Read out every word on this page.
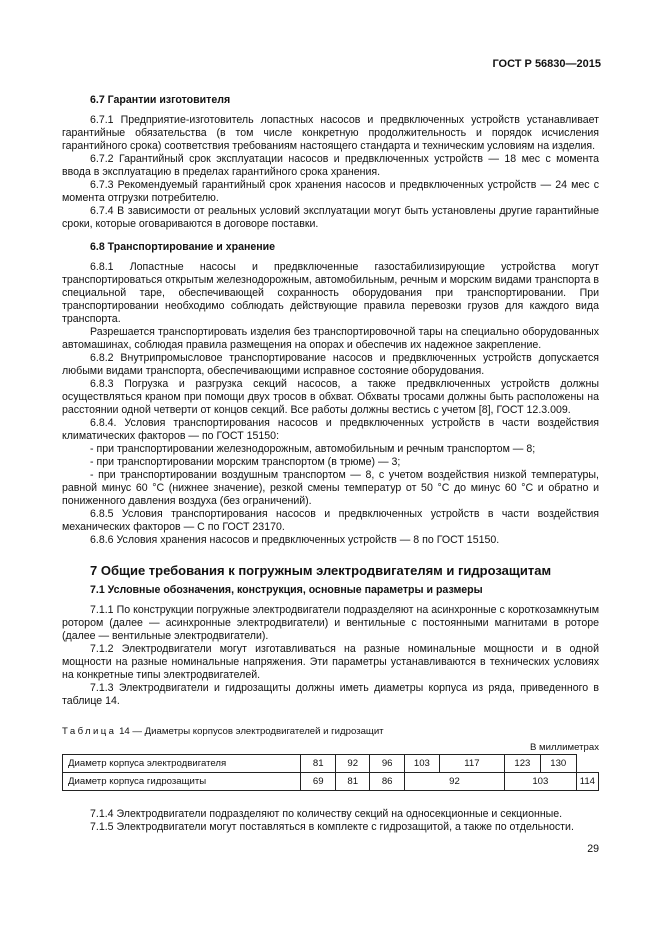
ГОСТ Р 56830—2015

6.7 Гарантии изготовителя

6.7.1 Предприятие-изготовитель лопастных насосов и предвключенных устройств устанавливает гарантийные обязательства (в том числе конкретную продолжительность и порядок исчисления гарантийного срока) соответствия требованиям настоящего стандарта и техническим условиям на изделия.

6.7.2 Гарантийный срок эксплуатации насосов и предвключенных устройств — 18 мес с момента ввода в эксплуатацию в пределах гарантийного срока хранения.

6.7.3 Рекомендуемый гарантийный срок хранения насосов и предвключенных устройств — 24 мес с момента отгрузки потребителю.

6.7.4 В зависимости от реальных условий эксплуатации могут быть установлены другие гарантийные сроки, которые оговариваются в договоре поставки.

6.8 Транспортирование и хранение

6.8.1 Лопастные насосы и предвключенные газостабилизирующие устройства могут транспортироваться открытым железнодорожным, автомобильным, речным и морским видами транспорта в специальной таре, обеспечивающей сохранность оборудования при транспортировании. При транспортировании необходимо соблюдать действующие правила перевозки грузов для каждого вида транспорта.

Разрешается транспортировать изделия без транспортировочной тары на специально оборудованных автомашинах, соблюдая правила размещения на опорах и обеспечив их надежное закрепление.

6.8.2 Внутрипромысловое транспортирование насосов и предвключенных устройств допускается любыми видами транспорта, обеспечивающими исправное состояние оборудования.

6.8.3 Погрузка и разгрузка секций насосов, а также предвключенных устройств должны осуществляться краном при помощи двух тросов в обхват. Обхваты тросами должны быть расположены на расстоянии одной четверти от концов секций. Все работы должны вестись с учетом [8], ГОСТ 12.3.009.

6.8.4. Условия транспортирования насосов и предвключенных устройств в части воздействия климатических факторов — по ГОСТ 15150:

- при транспортировании железнодорожным, автомобильным и речным транспортом — 8;

- при транспортировании морским транспортом (в трюме) — 3;

- при транспортировании воздушным транспортом — 8, с учетом воздействия низкой температуры, равной минус 60 °С (нижнее значение), резкой смены температур от 50 °С до минус 60 °С и обратно и пониженного давления воздуха (без ограничений).

6.8.5 Условия транспортирования насосов и предвключенных устройств в части воздействия механических факторов — С по ГОСТ 23170.

6.8.6 Условия хранения насосов и предвключенных устройств — 8 по ГОСТ 15150.

7 Общие требования к погружным электродвигателям и гидрозащитам

7.1 Условные обозначения, конструкция, основные параметры и размеры

7.1.1 По конструкции погружные электродвигатели подразделяют на асинхронные с короткозамкнутым ротором (далее — асинхронные электродвигатели) и вентильные с постоянными магнитами в роторе (далее — вентильные электродвигатели).

7.1.2 Электродвигатели могут изготавливаться на разные номинальные мощности и в одной мощности на разные номинальные напряжения. Эти параметры устанавливаются в технических условиях на конкретные типы электродвигателей.

7.1.3 Электродвигатели и гидрозащиты должны иметь диаметры корпуса из ряда, приведенного в таблице 14.

Таблица 14 — Диаметры корпусов электродвигателей и гидрозащит

В миллиметрах

Диаметр корпуса электродвигателя	81	92	96	103	117	123	130	
Диаметр корпуса гидрозащиты	69	81	86	92		103		114

7.1.4 Электродвигатели подразделяют по количеству секций на односекционные и секционные.

7.1.5 Электродвигатели могут поставляться в комплекте с гидрозащитой, а также по отдельности.

29
